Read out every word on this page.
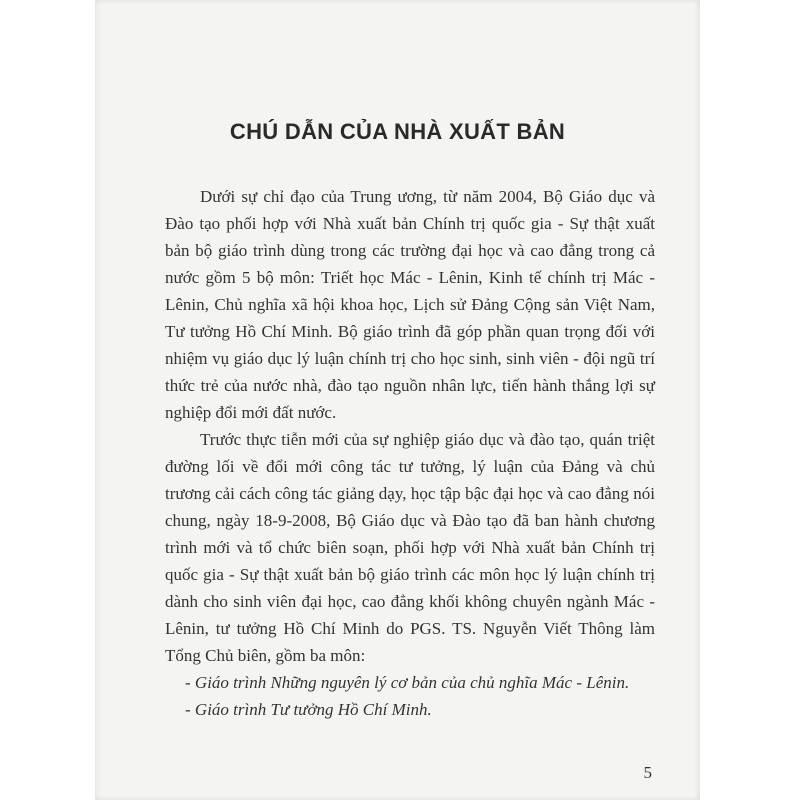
CHÚ DẪN CỦA NHÀ XUẤT BẢN

Dưới sự chỉ đạo của Trung ương, từ năm 2004, Bộ Giáo dục và Đào tạo phối hợp với Nhà xuất bản Chính trị quốc gia - Sự thật xuất bản bộ giáo trình dùng trong các trường đại học và cao đẳng trong cả nước gồm 5 bộ môn: Triết học Mác - Lênin, Kinh tế chính trị Mác - Lênin, Chủ nghĩa xã hội khoa học, Lịch sử Đảng Cộng sản Việt Nam, Tư tưởng Hồ Chí Minh. Bộ giáo trình đã góp phần quan trọng đối với nhiệm vụ giáo dục lý luận chính trị cho học sinh, sinh viên - đội ngũ trí thức trẻ của nước nhà, đào tạo nguồn nhân lực, tiến hành thắng lợi sự nghiệp đổi mới đất nước.

Trước thực tiễn mới của sự nghiệp giáo dục và đào tạo, quán triệt đường lối về đổi mới công tác tư tưởng, lý luận của Đảng và chủ trương cải cách công tác giảng dạy, học tập bậc đại học và cao đẳng nói chung, ngày 18-9-2008, Bộ Giáo dục và Đào tạo đã ban hành chương trình mới và tổ chức biên soạn, phối hợp với Nhà xuất bản Chính trị quốc gia - Sự thật xuất bản bộ giáo trình các môn học lý luận chính trị dành cho sinh viên đại học, cao đẳng khối không chuyên ngành Mác - Lênin, tư tưởng Hồ Chí Minh do PGS. TS. Nguyễn Viết Thông làm Tổng Chủ biên, gồm ba môn:

- Giáo trình Những nguyên lý cơ bản của chủ nghĩa Mác - Lênin.

- Giáo trình Tư tưởng Hồ Chí Minh.

5
